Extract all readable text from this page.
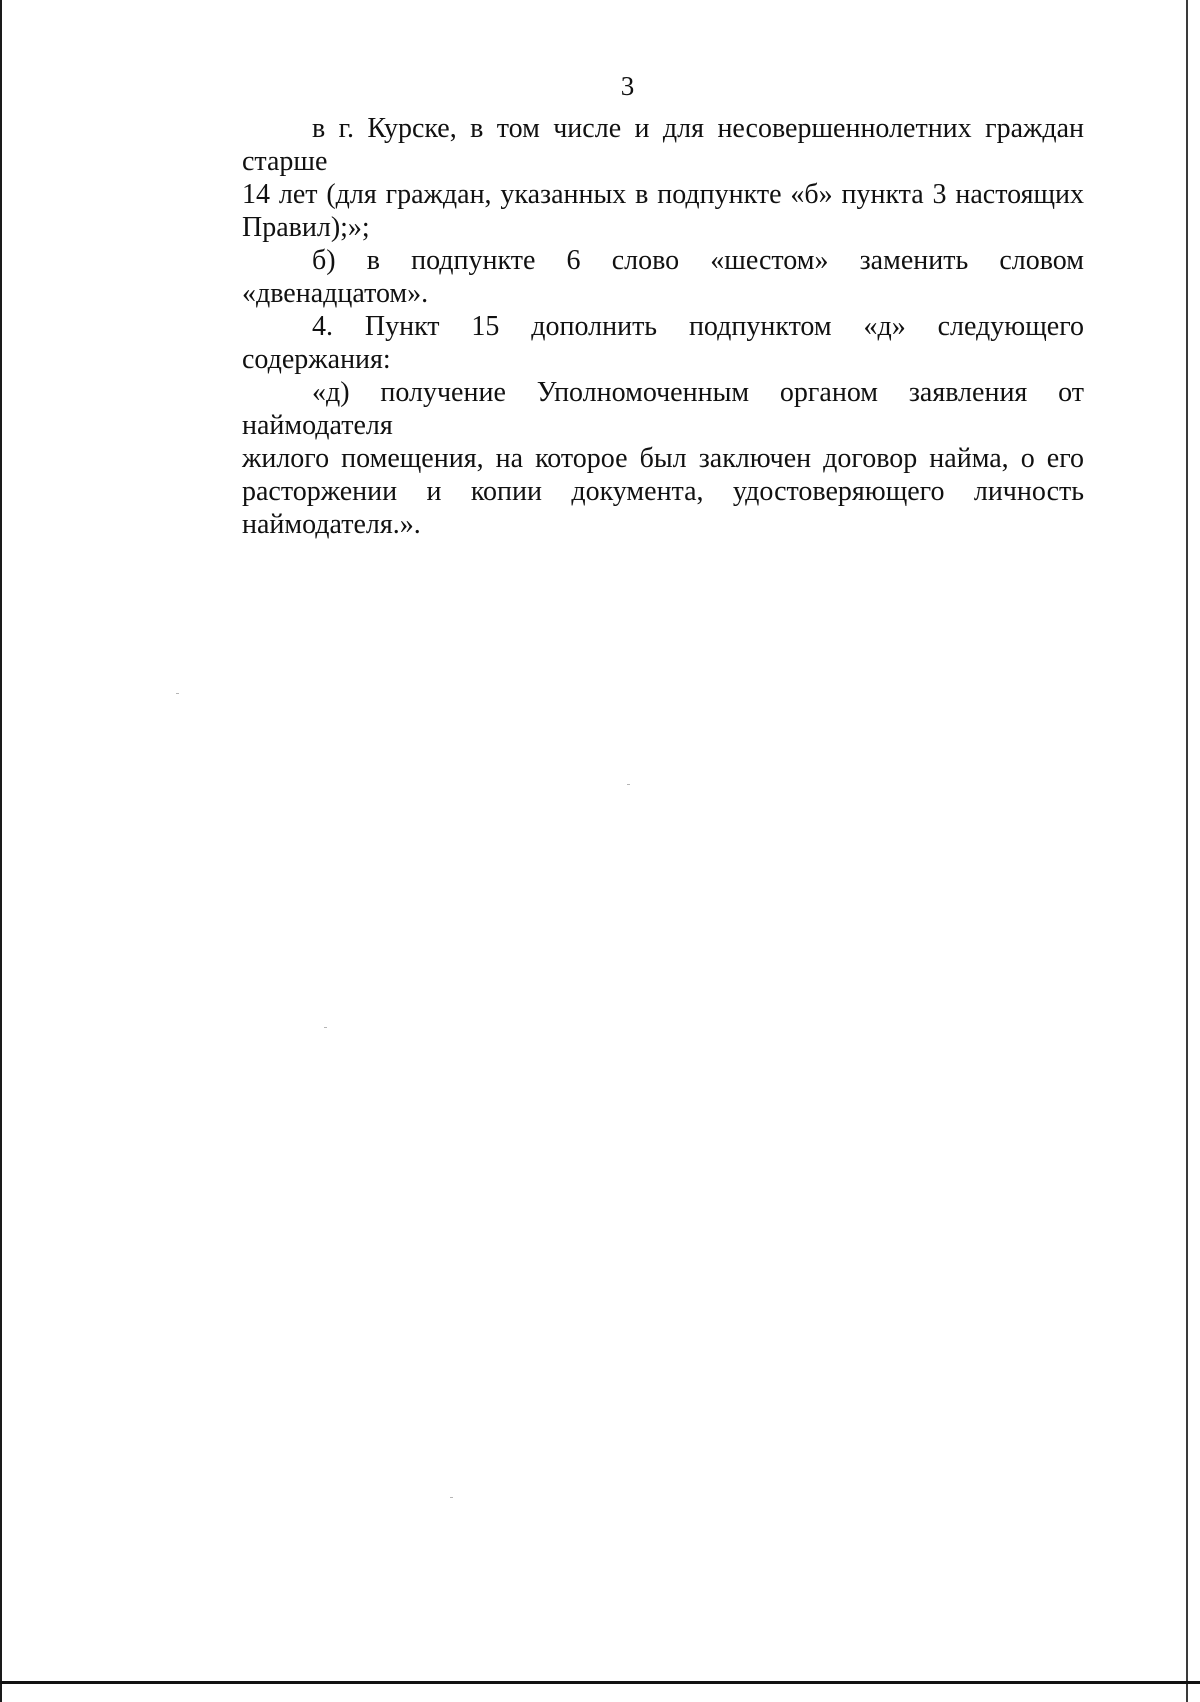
3
в г. Курске, в том числе и для несовершеннолетних граждан старше
14 лет (для граждан, указанных в подпункте «б» пункта 3 настоящих
Правил);»;
б) в подпункте 6 слово «шестом» заменить словом «двенадцатом».
4. Пункт 15 дополнить подпунктом «д» следующего содержания:
«д) получение Уполномоченным органом заявления от наймодателя
жилого помещения, на которое был заключен договор найма, о его
расторжении и копии документа, удостоверяющего личность
наймодателя.».
